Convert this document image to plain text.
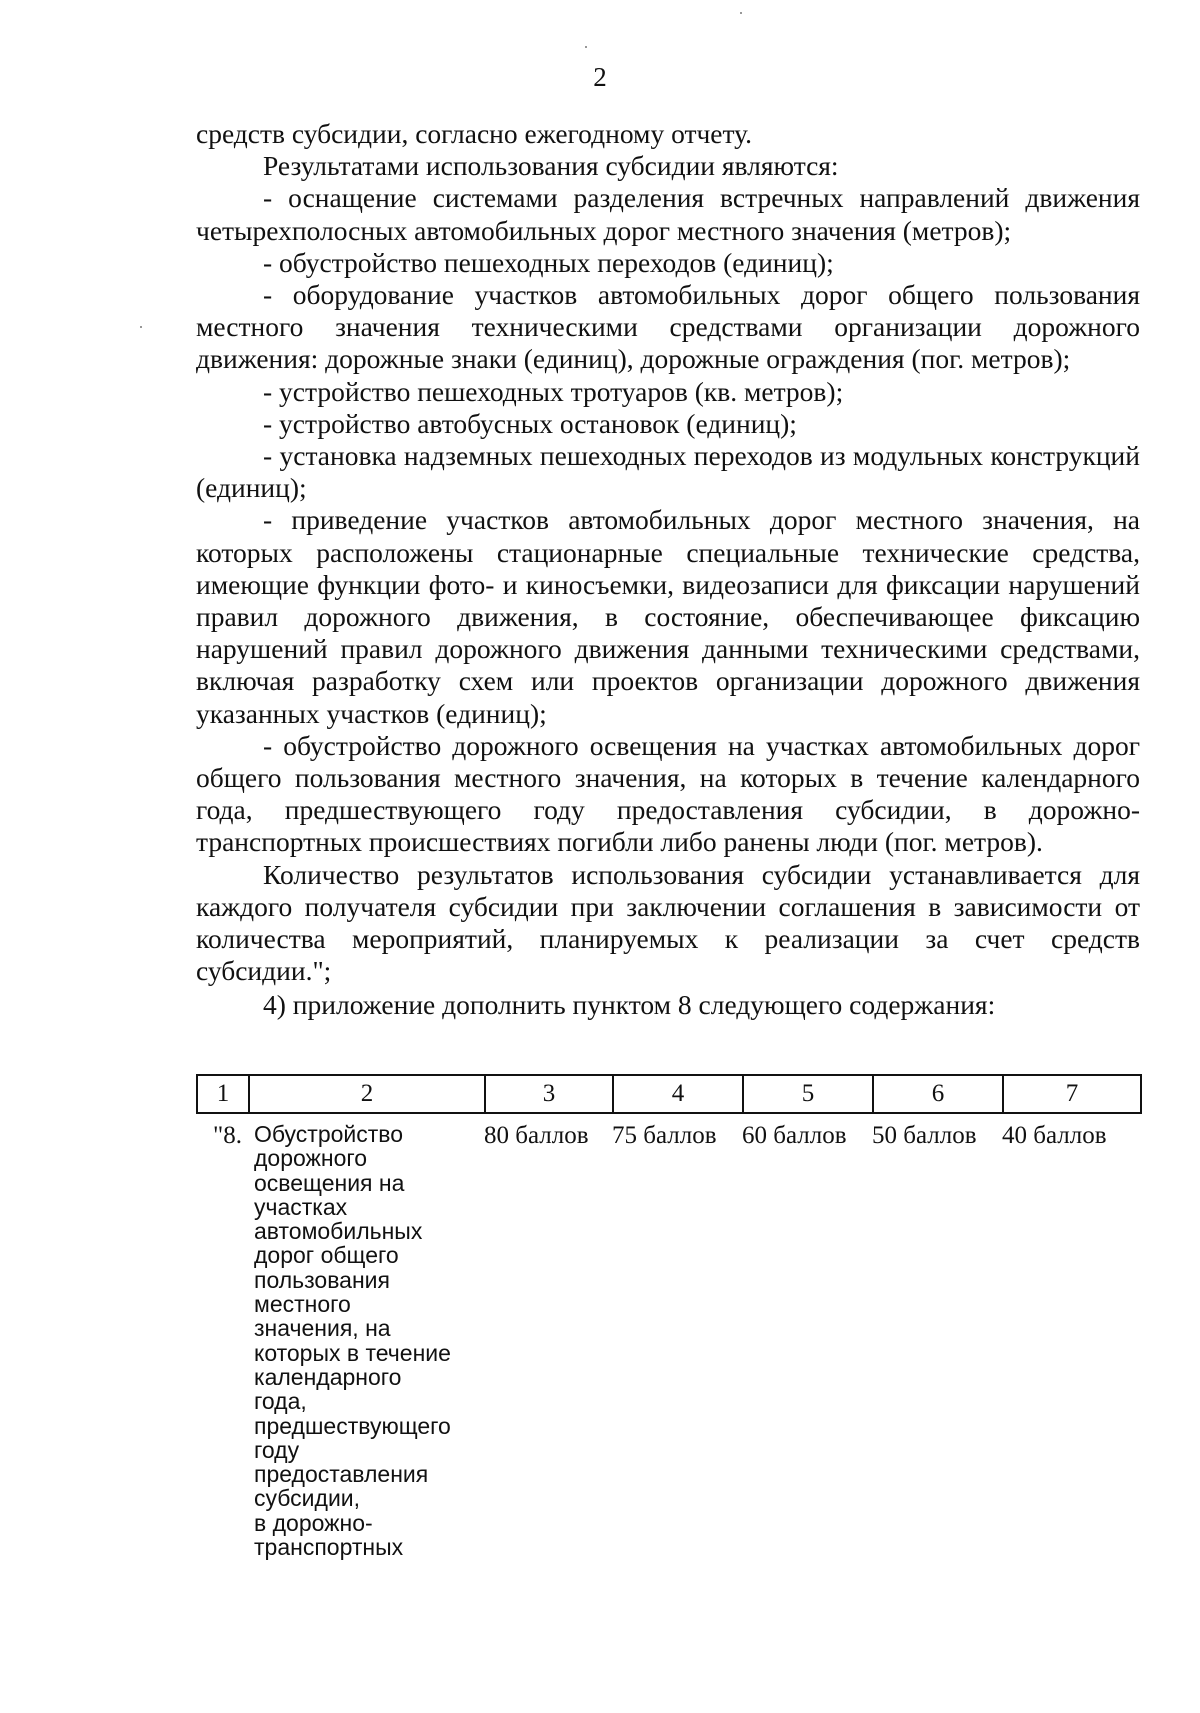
2

средств субсидии, согласно ежегодному отчету.

Результатами использования субсидии являются:

- оснащение системами разделения встречных направлений движения четырехполосных автомобильных дорог местного значения (метров);

- обустройство пешеходных переходов (единиц);

- оборудование участков автомобильных дорог общего пользования местного значения техническими средствами организации дорожного движения: дорожные знаки (единиц), дорожные ограждения (пог. метров);

- устройство пешеходных тротуаров (кв. метров);

- устройство автобусных остановок (единиц);

- установка надземных пешеходных переходов из модульных конструкций (единиц);

- приведение участков автомобильных дорог местного значения, на которых расположены стационарные специальные технические средства, имеющие функции фото- и киносъемки, видеозаписи для фиксации нарушений правил дорожного движения, в состояние, обеспечивающее фиксацию нарушений правил дорожного движения данными техническими средствами, включая разработку схем или проектов организации дорожного движения указанных участков (единиц);

- обустройство дорожного освещения на участках автомобильных дорог общего пользования местного значения, на которых в течение календарного года, предшествующего году предоставления субсидии, в дорожно-транспортных происшествиях погибли либо ранены люди (пог. метров).

Количество результатов использования субсидии устанавливается для каждого получателя субсидии при заключении соглашения в зависимости от количества мероприятий, планируемых к реализации за счет средств субсидии.";

4) приложение дополнить пунктом 8 следующего содержания:

1	2	3	4	5	6	7
"8.	Обустройство
дорожного
освещения на
участках
автомобильных
дорог общего
пользования
местного
значения, на
которых в течение
календарного
года,
предшествующего
году
предоставления
субсидии,
в дорожно-
транспортных
	80 баллов	75 баллов	60 баллов	50 баллов	40 баллов
